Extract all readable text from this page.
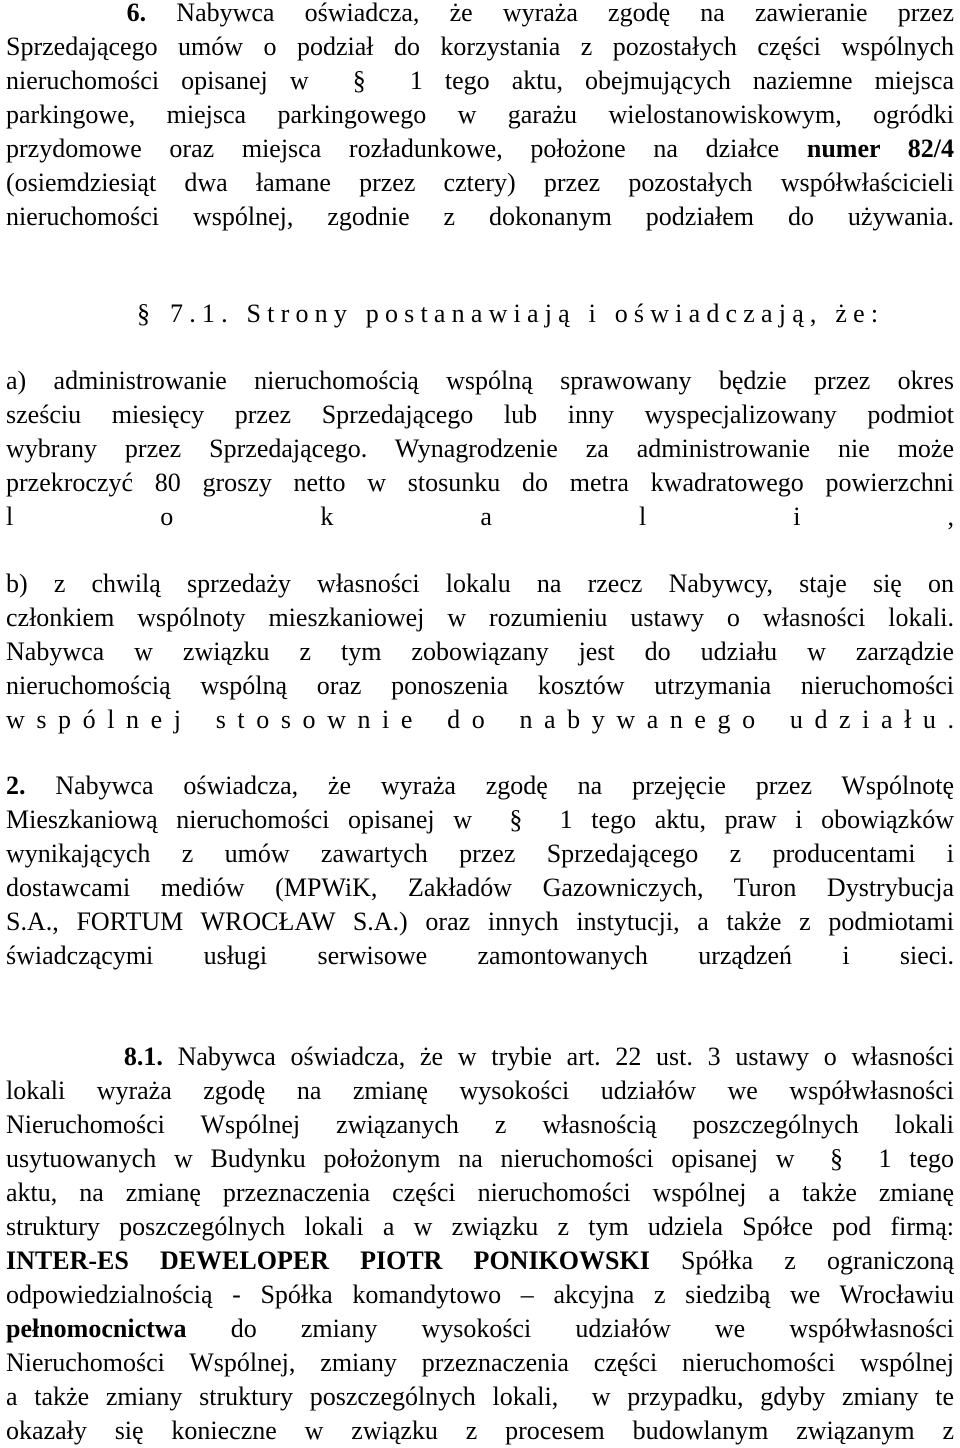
6. Nabywca oświadcza, że wyraża zgodę na zawieranie przez
Sprzedającego umów o podział do korzystania z pozostałych części wspólnych
nieruchomości opisanej w  §  1 tego aktu, obejmujących naziemne miejsca
parkingowe, miejsca parkingowego w garażu wielostanowiskowym, ogródki
przydomowe oraz miejsca rozładunkowe, położone na działce numer 82/4
(osiemdziesiąt dwa łamane przez cztery) przez pozostałych współwłaścicieli
nieruchomości wspólnej, zgodnie z dokonanym podziałem do używania.
§ 7.1. Strony postanawiają i oświadczają, że:
a) administrowanie nieruchomością wspólną sprawowany będzie przez okres
sześciu miesięcy przez Sprzedającego lub inny wyspecjalizowany podmiot
wybrany przez Sprzedającego. Wynagrodzenie za administrowanie nie może
przekroczyć 80 groszy netto w stosunku do metra kwadratowego powierzchni
l o k a l i ,
b) z chwilą sprzedaży własności lokalu na rzecz Nabywcy, staje się on
członkiem wspólnoty mieszkaniowej w rozumieniu ustawy o własności lokali.
Nabywca w związku z tym zobowiązany jest do udziału w zarządzie
nieruchomością wspólną oraz ponoszenia kosztów utrzymania nieruchomości
w s p ó l n e j   s t o s o w n i e   d o   n a b y w a n e g o   u d z i a ł u .
2. Nabywca oświadcza, że wyraża zgodę na przejęcie przez Wspólnotę
Mieszkaniową nieruchomości opisanej w  §  1 tego aktu, praw i obowiązków
wynikających z umów zawartych przez Sprzedającego z producentami i
dostawcami mediów (MPWiK, Zakładów Gazowniczych, Turon Dystrybucja
S.A., FORTUM WROCŁAW S.A.) oraz innych instytucji, a także z podmiotami
świadczącymi usługi serwisowe zamontowanych urządzeń i sieci.
8.1. Nabywca oświadcza, że w trybie art. 22 ust. 3 ustawy o własności
lokali wyraża zgodę na zmianę wysokości udziałów we współwłasności
Nieruchomości Wspólnej związanych z własnością poszczególnych lokali
usytuowanych w Budynku położonym na nieruchomości opisanej w  §  1 tego
aktu, na zmianę przeznaczenia części nieruchomości wspólnej a także zmianę
struktury poszczególnych lokali a w związku z tym udziela Spółce pod firmą:
INTER-ES DEWELOPER PIOTR PONIKOWSKI Spółka z ograniczoną
odpowiedzialnością - Spółka komandytowo – akcyjna z siedzibą we Wrocławiu
pełnomocnictwa do zmiany wysokości udziałów we współwłasności
Nieruchomości Wspólnej, zmiany przeznaczenia części nieruchomości wspólnej
a także zmiany struktury poszczególnych lokali,  w przypadku, gdyby zmiany te
okazały się konieczne w związku z procesem budowlanym związanym z
